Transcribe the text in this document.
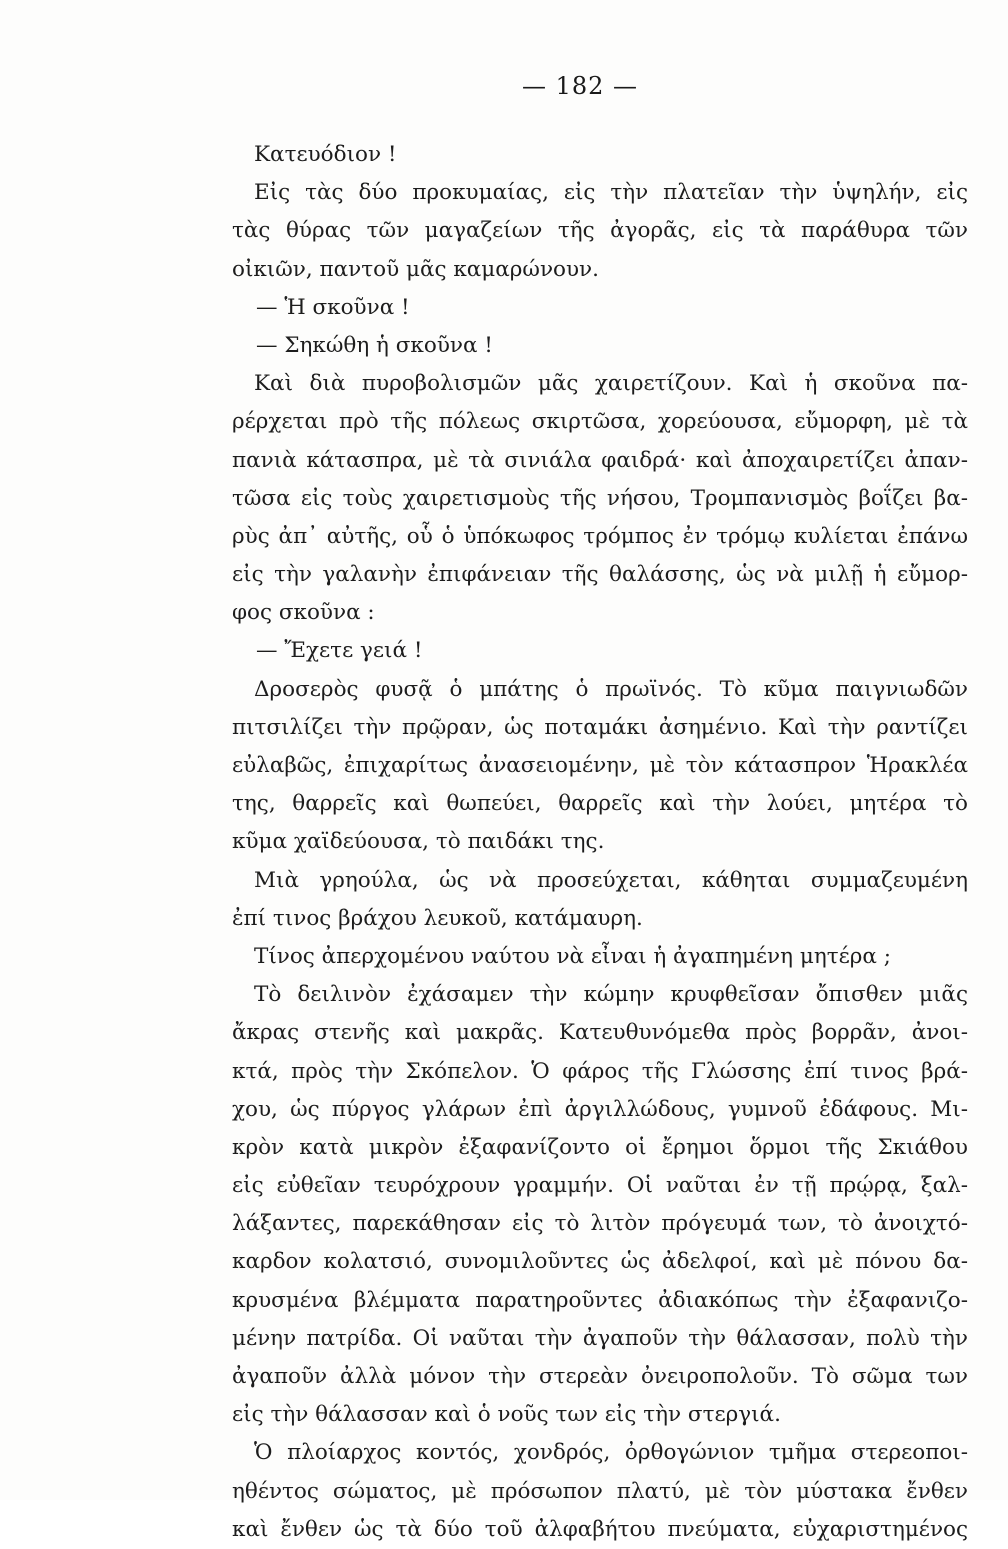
— 182 —
Κατευόδιον !
Εἰς τὰς δύο προκυμαίας, εἰς τὴν πλατεῖαν τὴν ὑψηλήν, εἰς
τὰς θύρας τῶν μαγαζείων τῆς ἀγορᾶς, εἰς τὰ παράθυρα τῶν
οἰκιῶν, παντοῦ μᾶς καμαρώνουν.
— Ἡ σκοῦνα !
— Σηκώθη ἡ σκοῦνα !
Καὶ διὰ πυροβολισμῶν μᾶς χαιρετίζουν. Καὶ ἡ σκοῦνα πα-
ρέρχεται πρὸ τῆς πόλεως σκιρτῶσα, χορεύουσα, εὔμορφη, μὲ τὰ
πανιὰ κάτασπρα, μὲ τὰ σινιάλα φαιδρά· καὶ ἀποχαιρετίζει ἀπαν-
τῶσα εἰς τοὺς χαιρετισμοὺς τῆς νήσου, Τρομπανισμὸς βοΐζει βα-
ρὺς ἀπ᾽ αὐτῆς, οὗ ὁ ὑπόκωφος τρόμπος ἐν τρόμῳ κυλίεται ἐπάνω
εἰς τὴν γαλανὴν ἐπιφάνειαν τῆς θαλάσσης, ὡς νὰ μιλῇ ἡ εὔμορ-
φος σκοῦνα :
— Ἔχετε γειά !
Δροσερὸς φυσᾷ ὁ μπάτης ὁ πρωϊνός. Τὸ κῦμα παιγνιωδῶν
πιτσιλίζει τὴν πρῷραν, ὡς ποταμάκι ἀσημένιο. Καὶ τὴν ραντίζει
εὐλαβῶς, ἐπιχαρίτως ἀνασειομένην, μὲ τὸν κάτασπρον Ἡρακλέα
της, θαρρεῖς καὶ θωπεύει, θαρρεῖς καὶ τὴν λούει, μητέρα τὸ
κῦμα χαϊδεύουσα, τὸ παιδάκι της.
Μιὰ γρηούλα, ὡς νὰ προσεύχεται, κάθηται συμμαζευμένη
ἐπί τινος βράχου λευκοῦ, κατάμαυρη.
Τίνος ἀπερχομένου ναύτου νὰ εἶναι ἡ ἀγαπημένη μητέρα ;
Τὸ δειλινὸν ἐχάσαμεν τὴν κώμην κρυφθεῖσαν ὄπισθεν μιᾶς
ἄκρας στενῆς καὶ μακρᾶς. Κατευθυνόμεθα πρὸς βορρᾶν, ἀνοι-
κτά, πρὸς τὴν Σκόπελον. Ὁ φάρος τῆς Γλώσσης ἐπί τινος βρά-
χου, ὡς πύργος γλάρων ἐπὶ ἀργιλλώδους, γυμνοῦ ἐδάφους. Μι-
κρὸν κατὰ μικρὸν ἐξαφανίζοντο οἱ ἔρημοι ὅρμοι τῆς Σκιάθου
εἰς εὐθεῖαν τευρόχρουν γραμμήν. Οἱ ναῦται ἐν τῇ πρῴρᾳ, ξαλ-
λάξαντες, παρεκάθησαν εἰς τὸ λιτὸν πρόγευμά των, τὸ ἀνοιχτό-
καρδον κολατσιό, συνομιλοῦντες ὡς ἀδελφοί, καὶ μὲ πόνου δα-
κρυσμένα βλέμματα παρατηροῦντες ἀδιακόπως τὴν ἐξαφανιζο-
μένην πατρίδα. Οἱ ναῦται τὴν ἀγαποῦν τὴν θάλασσαν, πολὺ τὴν
ἀγαποῦν ἀλλὰ μόνον τὴν στερεὰν ὀνειροπολοῦν. Τὸ σῶμα των
εἰς τὴν θάλασσαν καὶ ὁ νοῦς των εἰς τὴν στεργιά.
Ὁ πλοίαρχος κοντός, χονδρός, ὀρθογώνιον τμῆμα στερεοποι-
ηθέντος σώματος, μὲ πρόσωπον πλατύ, μὲ τὸν μύστακα ἔνθεν
καὶ ἔνθεν ὡς τὰ δύο τοῦ ἀλφαβήτου πνεύματα, εὐχαριστημένος
